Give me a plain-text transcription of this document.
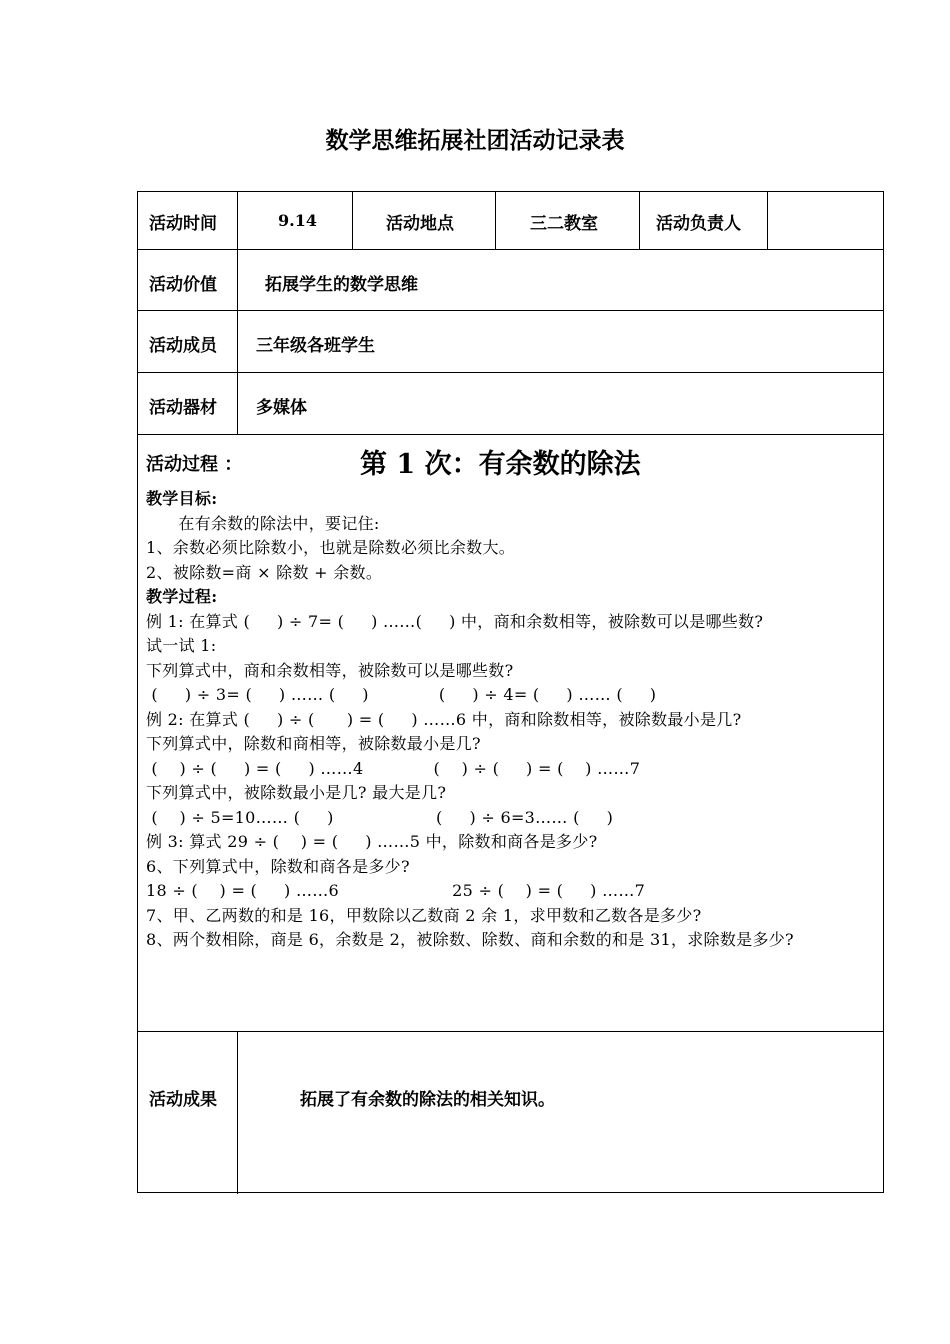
数学思维拓展社团活动记录表
活动时间	9.14	活动地点	三二教室	活动负责人
活动价值	拓展学生的数学思维
活动成员 三年级各班学生
活动器材 多媒体
活动过程 ：	第 1 次：有余数的除法
教学目标:
在有余数的除法中，要记住:
1、余数必须比除数小，也就是除数必须比余数大。
2、被除数=商 × 除数 + 余数。
教学过程:
例 1: 在算式 (     ) ÷ 7= (     ) ……(     ) 中，商和余数相等，被除数可以是哪些数?
试一试 1:
下列算式中，商和余数相等，被除数可以是哪些数?
(     ) ÷ 3= (     ) …… (     )             (     ) ÷ 4= (     ) …… (     )
例 2: 在算式 (     ) ÷ (      ) = (     ) ……6 中，商和除数相等，被除数最小是几?
下列算式中，除数和商相等，被除数最小是几?
(    ) ÷ (     ) = (     ) ……4             (    ) ÷ (     ) = (    ) ……7
下列算式中，被除数最小是几? 最大是几?
(    ) ÷ 5=10…… (     )                   (     ) ÷ 6=3…… (     )
例 3: 算式 29 ÷ (    ) = (     ) ……5 中，除数和商各是多少?
6、下列算式中，除数和商各是多少?
18 ÷ (    ) = (     ) ……6                     25 ÷ (    ) = (     ) ……7
7、甲、乙两数的和是 16，甲数除以乙数商 2 余 1，求甲数和乙数各是多少?
8、两个数相除，商是 6，余数是 2，被除数、除数、商和余数的和是 31，求除数是多少?
活动成果	拓展了有余数的除法的相关知识。
